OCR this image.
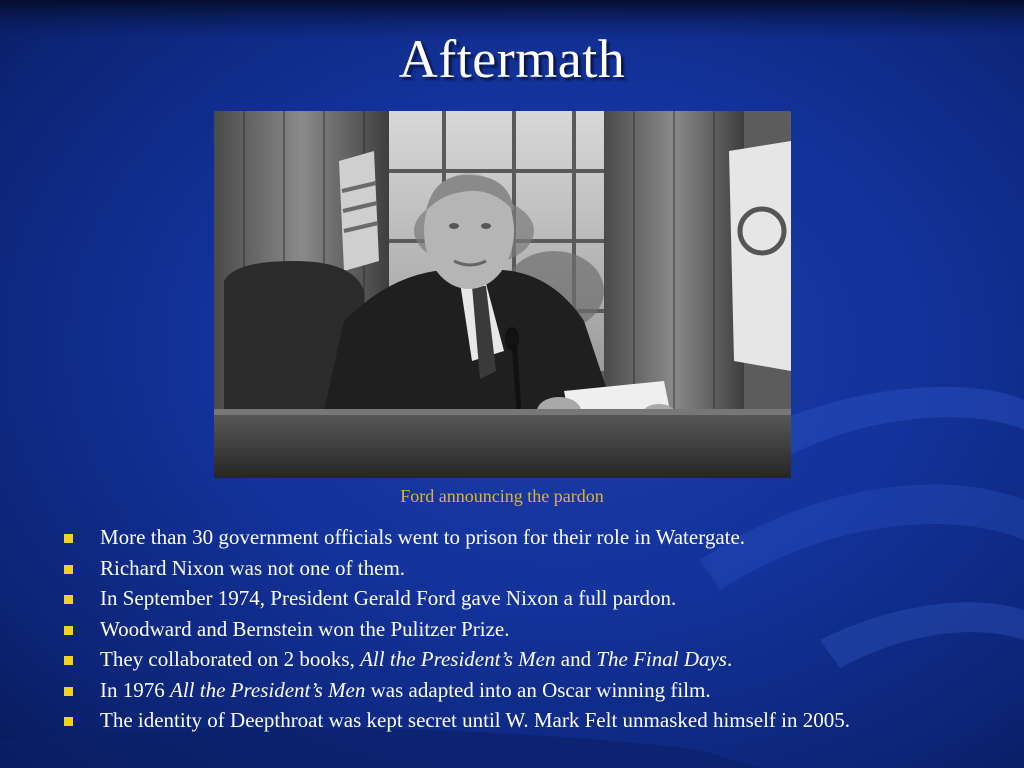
Aftermath
Ford announcing the pardon
More than 30 government officials went to prison for their role in Watergate.
Richard Nixon was not one of them.
In September 1974, President Gerald Ford gave Nixon a full pardon.
Woodward and Bernstein won the Pulitzer Prize.
They collaborated on 2 books, All the President’s Men and The Final Days.
In 1976 All the President’s Men was adapted into an Oscar winning film.
The identity of Deepthroat was kept secret until W. Mark Felt unmasked himself in 2005.
